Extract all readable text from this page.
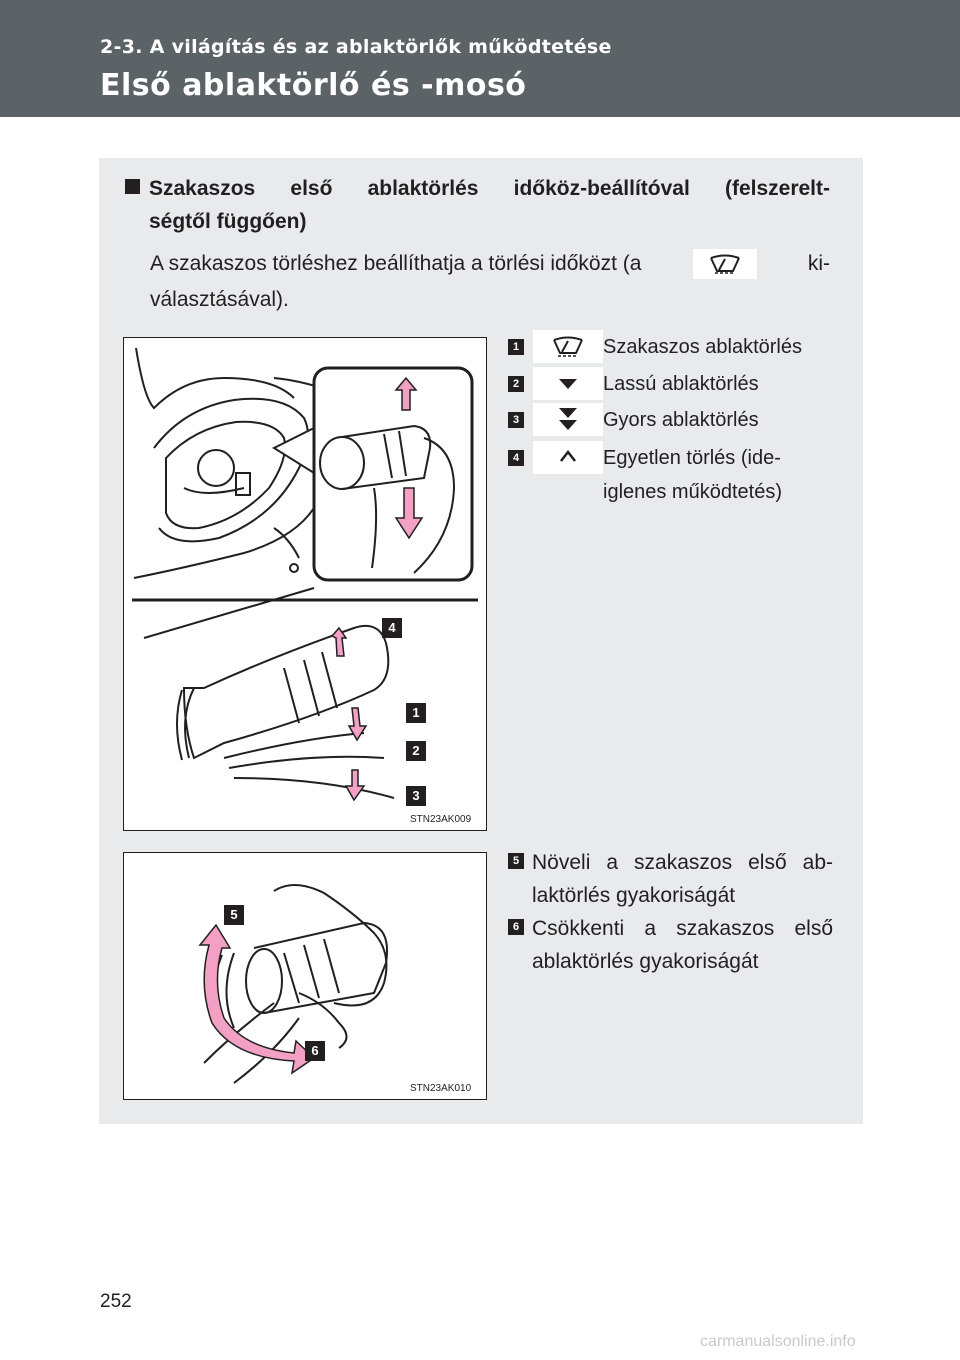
2-3. A világítás és az ablaktörlők működtetése
Első ablaktörlő és -mosó
Szakaszos első ablaktörlés időköz-beállítóval (felszerelt-
ségtől függően)
A szakaszos törléshez beállíthatja a törlési időközt (a	ki-
választásával).
4
1
2
3
STN23AK009
1	Szakaszos ablaktörlés
2	Lassú ablaktörlés
3	Gyors ablaktörlés
4	Egyetlen törlés (ide-
iglenes működtetés)
5
6
STN23AK010
5 Növeli a szakaszos első ab-
laktörlés gyakoriságát
6 Csökkenti a szakaszos első
ablaktörlés gyakoriságát
252
carmanualsonline.info
